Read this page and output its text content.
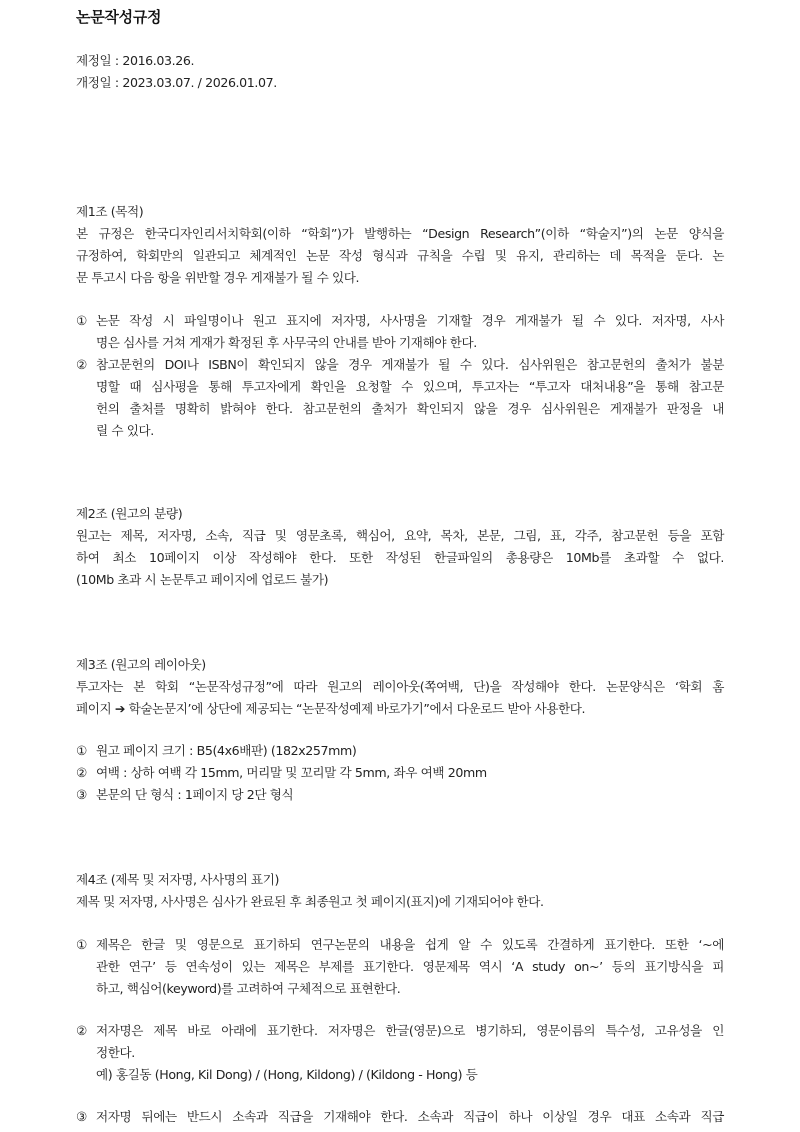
논문작성규정
제정일 : 2016.03.26.
개정일 : 2023.03.07. / 2026.01.07.
제1조 (목적)
본 규정은 한국디자인리서치학회(이하 “학회”)가 발행하는 “Design Research”(이하 “학술지”)의 논문 양식을
규정하여, 학회만의 일관되고 체계적인 논문 작성 형식과 규칙을 수립 및 유지, 관리하는 데 목적을 둔다. 논
문 투고시 다음 항을 위반할 경우 게재불가 될 수 있다.
① 논문 작성 시 파일명이나 원고 표지에 저자명, 사사명을 기재할 경우 게재불가 될 수 있다. 저자명, 사사
명은 심사를 거쳐 게재가 확정된 후 사무국의 안내를 받아 기재해야 한다.
② 참고문헌의 DOI나 ISBN이 확인되지 않을 경우 게재불가 될 수 있다. 심사위원은 참고문헌의 출처가 불분
명할 때 심사평을 통해 투고자에게 확인을 요청할 수 있으며, 투고자는 “투고자 대처내용”을 통해 참고문
헌의 출처를 명확히 밝혀야 한다. 참고문헌의 출처가 확인되지 않을 경우 심사위원은 게재불가 판정을 내
릴 수 있다.
제2조 (원고의 분량)
원고는 제목, 저자명, 소속, 직급 및 영문초록, 핵심어, 요약, 목차, 본문, 그림, 표, 각주, 참고문헌 등을 포함
하여 최소 10페이지 이상 작성해야 한다. 또한 작성된 한글파일의 총용량은 10Mb를 초과할 수 없다.
(10Mb 초과 시 논문투고 페이지에 업로드 불가)
제3조 (원고의 레이아웃)
투고자는 본 학회 “논문작성규정”에 따라 원고의 레이아웃(쪽여백, 단)을 작성해야 한다. 논문양식은 ‘학회 홈
페이지 ➔ 학술논문지’에 상단에 제공되는 “논문작성예제 바로가기”에서 다운로드 받아 사용한다.
① 원고 페이지 크기 : B5(4x6배판) (182x257mm)
② 여백 : 상하 여백 각 15mm, 머리말 및 꼬리말 각 5mm, 좌우 여백 20mm
③ 본문의 단 형식 : 1페이지 당 2단 형식
제4조 (제목 및 저자명, 사사명의 표기)
제목 및 저자명, 사사명은 심사가 완료된 후 최종원고 첫 페이지(표지)에 기재되어야 한다.
① 제목은 한글 및 영문으로 표기하되 연구논문의 내용을 쉽게 알 수 있도록 간결하게 표기한다. 또한 ‘~에
관한 연구’ 등 연속성이 있는 제목은 부제를 표기한다. 영문제목 역시 ‘A study on~’ 등의 표기방식을 피
하고, 핵심어(keyword)를 고려하여 구체적으로 표현한다.
② 저자명은 제목 바로 아래에 표기한다. 저자명은 한글(영문)으로 병기하되, 영문이름의 특수성, 고유성을 인
정한다.
예) 홍길동 (Hong, Kil Dong) / (Hong, Kildong) / (Kildong - Hong) 등
③ 저자명 뒤에는 반드시 소속과 직급을 기재해야 한다. 소속과 직급이 하나 이상일 경우 대표 소속과 직급
